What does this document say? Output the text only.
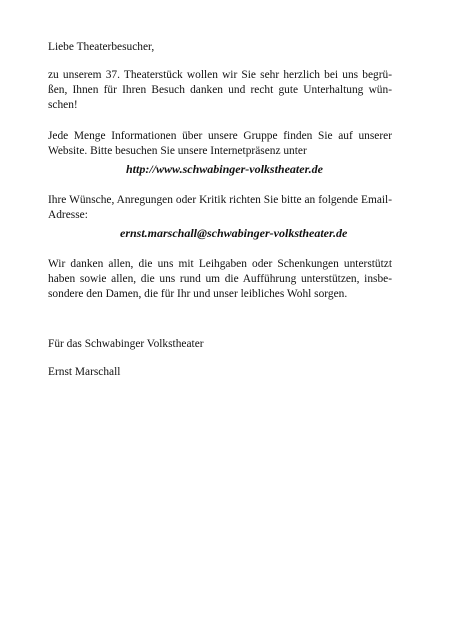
Liebe Theaterbesucher,

zu unserem 37. Theaterstück wollen wir Sie sehr herzlich bei uns begrüßen, Ihnen für Ihren Besuch danken und recht gute Unterhaltung wünschen!

Jede Menge Informationen über unsere Gruppe finden Sie auf unserer Website. Bitte besuchen Sie unsere Internetpräsenz unter

http://www.schwabinger-volkstheater.de

Ihre Wünsche, Anregungen oder Kritik richten Sie bitte an folgende Email-Adresse:

ernst.marschall@schwabinger-volkstheater.de

Wir danken allen, die uns mit Leihgaben oder Schenkungen unterstützt haben sowie allen, die uns rund um die Aufführung unterstützen, insbesondere den Damen, die für Ihr und unser leibliches Wohl sorgen.

Für das Schwabinger Volkstheater

Ernst Marschall
